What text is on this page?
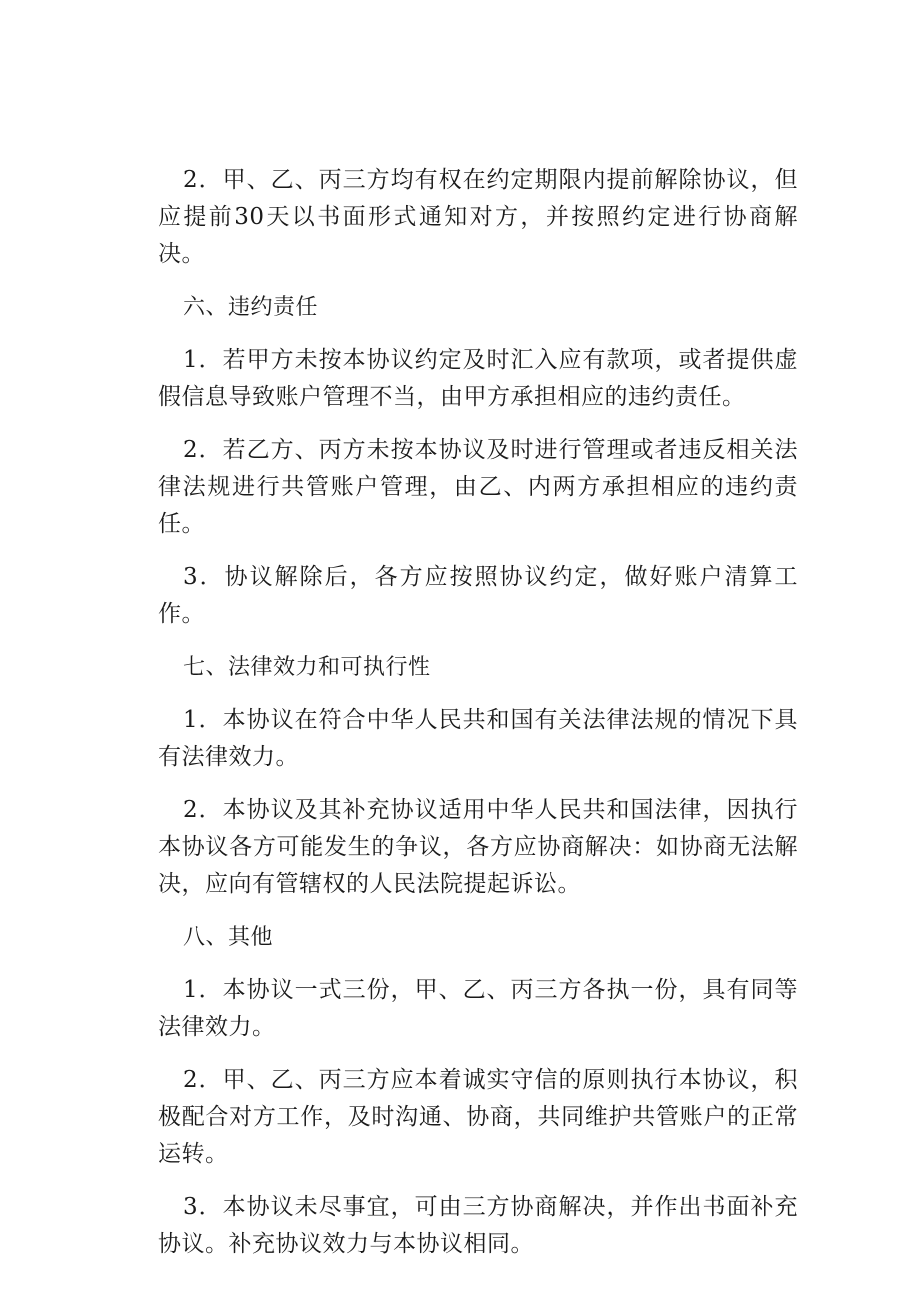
2．甲、乙、丙三方均有权在约定期限内提前解除协议，但应提前30天以书面形式通知对方，并按照约定进行协商解决。

六、违约责任

1．若甲方未按本协议约定及时汇入应有款项，或者提供虚假信息导致账户管理不当，由甲方承担相应的违约责任。

2．若乙方、丙方未按本协议及时进行管理或者违反相关法律法规进行共管账户管理，由乙、内两方承担相应的违约责任。

3．协议解除后，各方应按照协议约定，做好账户清算工作。

七、法律效力和可执行性

1．本协议在符合中华人民共和国有关法律法规的情况下具有法律效力。

2．本协议及其补充协议适用中华人民共和国法律，因执行本协议各方可能发生的争议，各方应协商解决：如协商无法解决，应向有管辖权的人民法院提起诉讼。

八、其他

1．本协议一式三份，甲、乙、丙三方各执一份，具有同等法律效力。

2．甲、乙、丙三方应本着诚实守信的原则执行本协议，积极配合对方工作，及时沟通、协商，共同维护共管账户的正常运转。

3．本协议未尽事宜，可由三方协商解决，并作出书面补充协议。补充协议效力与本协议相同。
